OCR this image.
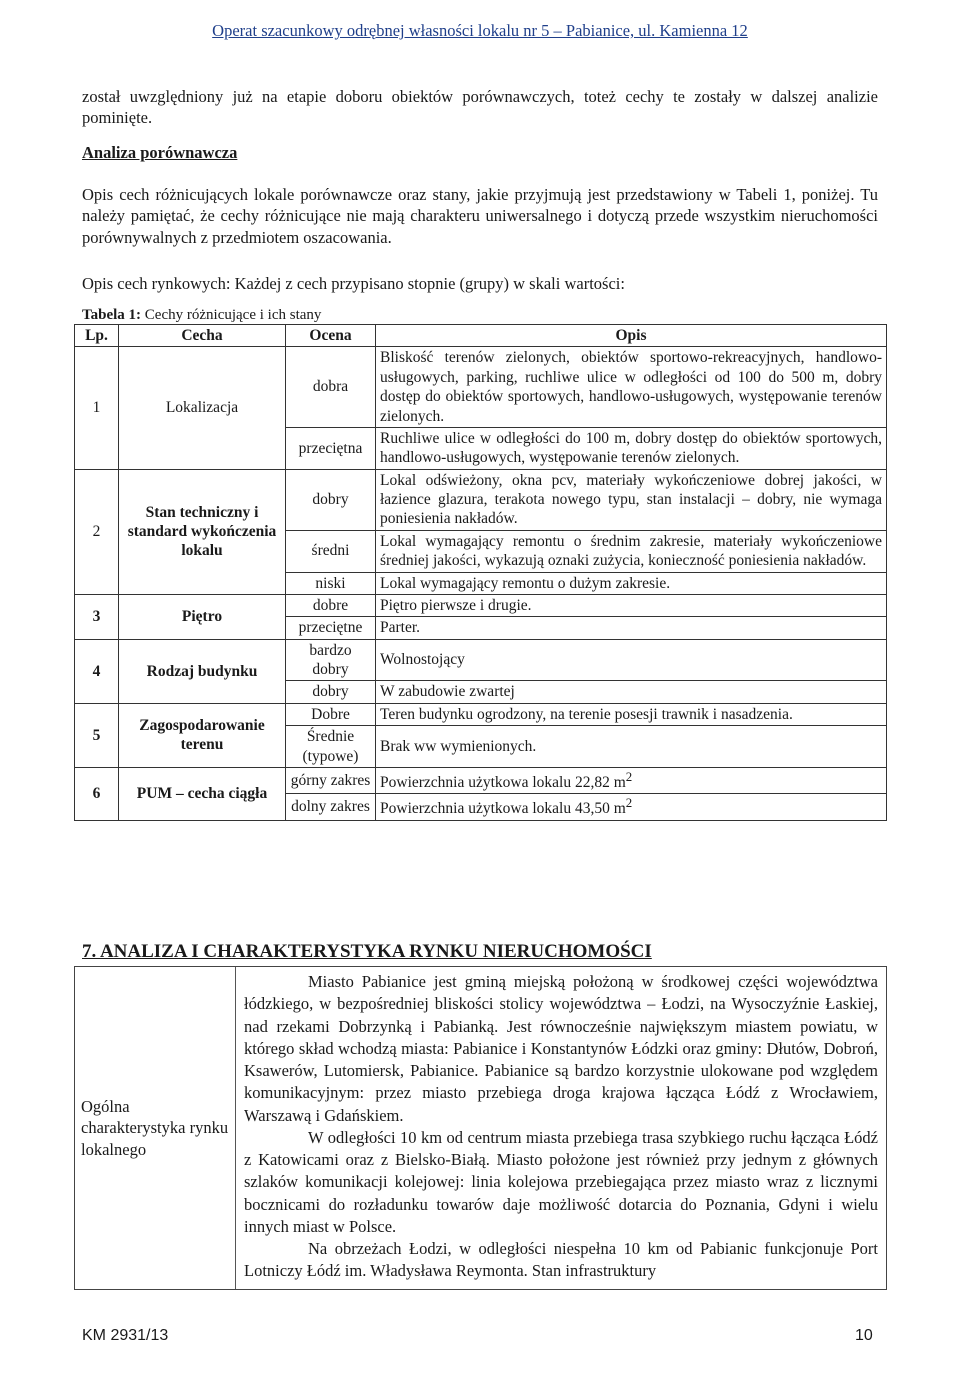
Operat szacunkowy odrębnej własności lokalu nr 5 – Pabianice, ul. Kamienna 12
został uwzględniony już na etapie doboru obiektów porównawczych, toteż cechy te zostały w dalszej analizie pominięte.
Analiza porównawcza
Opis cech różnicujących lokale porównawcze oraz stany, jakie przyjmują jest przedstawiony w Tabeli 1, poniżej. Tu należy pamiętać, że cechy różnicujące nie mają charakteru uniwersalnego i dotyczą przede wszystkim nieruchomości porównywalnych z przedmiotem oszacowania.
Opis cech rynkowych: Każdej z cech przypisano stopnie (grupy) w skali wartości:
Tabela 1: Cechy różnicujące i ich stany
Lp.	Cecha	Ocena	Opis
1	Lokalizacja	dobra	Bliskość terenów zielonych, obiektów sportowo-rekreacyjnych, handlowo-usługowych, parking, ruchliwe ulice w odległości od 100 do 500 m, dobry dostęp do obiektów sportowych, handlowo-usługowych, występowanie terenów zielonych.
		przeciętna	Ruchliwe ulice w odległości do 100 m, dobry dostęp do obiektów sportowych, handlowo-usługowych, występowanie terenów zielonych.
2	Stan techniczny i standard wykończenia lokalu	dobry	Lokal odświeżony, okna pcv, materiały wykończeniowe dobrej jakości, w łazience glazura, terakota nowego typu, stan instalacji – dobry, nie wymaga poniesienia nakładów.
		średni	Lokal wymagający remontu o średnim zakresie, materiały wykończeniowe średniej jakości, wykazują oznaki zużycia, konieczność poniesienia nakładów.
		niski	Lokal wymagający remontu o dużym zakresie.
3	Piętro	dobre	Piętro pierwsze i drugie.
		przeciętne	Parter.
4	Rodzaj budynku	bardzo dobry	Wolnostojący
		dobry	W zabudowie zwartej
5	Zagospodarowanie terenu	Dobre	Teren budynku ogrodzony, na terenie posesji trawnik i nasadzenia.
		Średnie (typowe)	Brak ww wymienionych.
6	PUM – cecha ciągła	górny zakres	Powierzchnia użytkowa lokalu 22,82 $m^2$
		dolny zakres	Powierzchnia użytkowa lokalu 43,50 $m^2$
7. ANALIZA I CHARAKTERYSTYKA RYNKU NIERUCHOMOŚCI
Ogólna charakterystyka rynku lokalnego	

Miasto Pabianice jest gminą miejską położoną w środkowej części województwa łódzkiego, w bezpośredniej bliskości stolicy województwa – Łodzi, na Wysoczyźnie Łaskiej, nad rzekami Dobrzynką i Pabianką. Jest równocześnie największym miastem powiatu, w którego skład wchodzą miasta: Pabianice i Konstantynów Łódzki oraz gminy: Dłutów, Dobroń, Ksawerów, Lutomiersk, Pabianice. Pabianice są bardzo korzystnie ulokowane pod względem komunikacyjnym: przez miasto przebiega droga krajowa łącząca Łódź z Wrocławiem, Warszawą i Gdańskiem.

W odległości 10 km od centrum miasta przebiega trasa szybkiego ruchu łącząca Łódź z Katowicami oraz z Bielsko-Białą. Miasto położone jest również przy jednym z głównych szlaków komunikacji kolejowej: linia kolejowa przebiegająca przez miasto wraz z licznymi bocznicami do rozładunku towarów daje możliwość dotarcia do Poznania, Gdyni i wielu innych miast w Polsce.

Na obrzeżach Łodzi, w odległości niespełna 10 km od Pabianic funkcjonuje Port Lotniczy Łódź im. Władysława Reymonta. Stan infrastruktury

KM 2931/13	10
